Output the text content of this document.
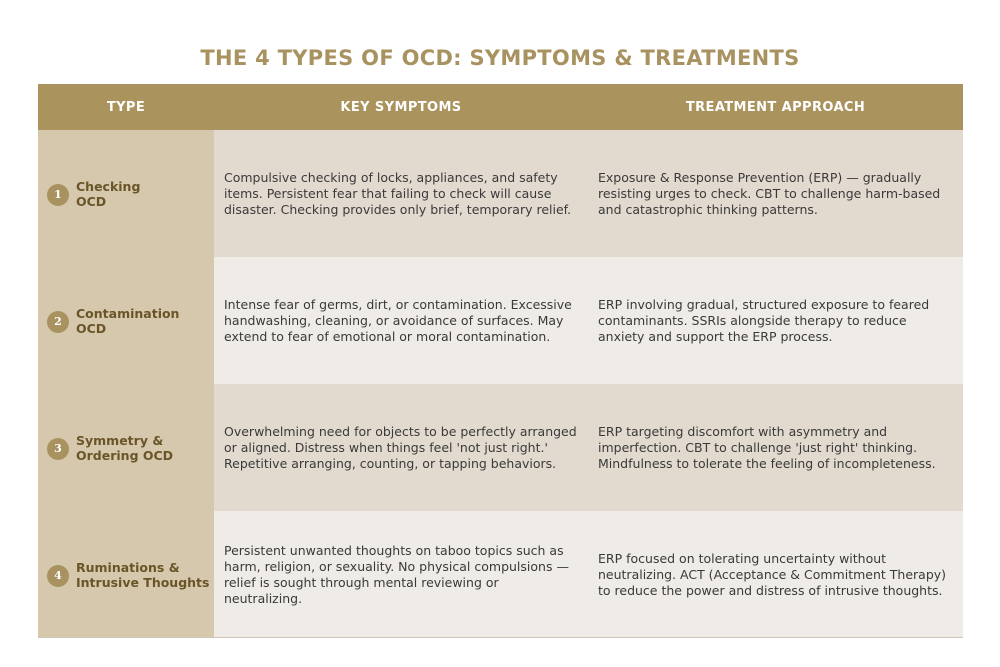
THE 4 TYPES OF OCD: SYMPTOMS & TREATMENTS
TYPE	KEY SYMPTOMS	TREATMENT APPROACH
1
Checking
OCD
Compulsive checking of locks, appliances, and safety items. Persistent fear that failing to check will cause disaster. Checking provides only brief, temporary relief.
Exposure & Response Prevention (ERP) — gradually resisting urges to check. CBT to challenge harm-based and catastrophic thinking patterns.
2
Contamination
OCD
Intense fear of germs, dirt, or contamination. Excessive handwashing, cleaning, or avoidance of surfaces. May extend to fear of emotional or moral contamination.
ERP involving gradual, structured exposure to feared contaminants. SSRIs alongside therapy to reduce anxiety and support the ERP process.
3
Symmetry &
Ordering OCD
Overwhelming need for objects to be perfectly arranged or aligned. Distress when things feel 'not just right.' Repetitive arranging, counting, or tapping behaviors.
ERP targeting discomfort with asymmetry and imperfection. CBT to challenge 'just right' thinking. Mindfulness to tolerate the feeling of incompleteness.
4
Ruminations &
Intrusive Thoughts
Persistent unwanted thoughts on taboo topics such as harm, religion, or sexuality. No physical compulsions — relief is sought through mental reviewing or neutralizing.
ERP focused on tolerating uncertainty without neutralizing. ACT (Acceptance & Commitment Therapy) to reduce the power and distress of intrusive thoughts.
